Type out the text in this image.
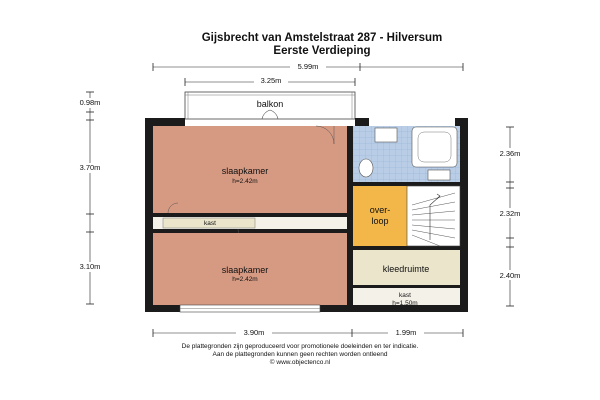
Gijsbrecht van Amstelstraat 287 - Hilversum
Eerste Verdieping
5.99m
3.25m
0.98m
3.70m
3.10m
2.36m
2.32m
2.40m
3.90m	1.99m
balkon
slaapkamer
h=2.42m
kast
slaapkamer
h=2.42m
over-
loop
kleedruimte
kast
h=1.50m
De plattegronden zijn geproduceerd voor promotionele doeleinden en ter indicatie.
Aan de plattegronden kunnen geen rechten worden ontleend
© www.objectenco.nl
